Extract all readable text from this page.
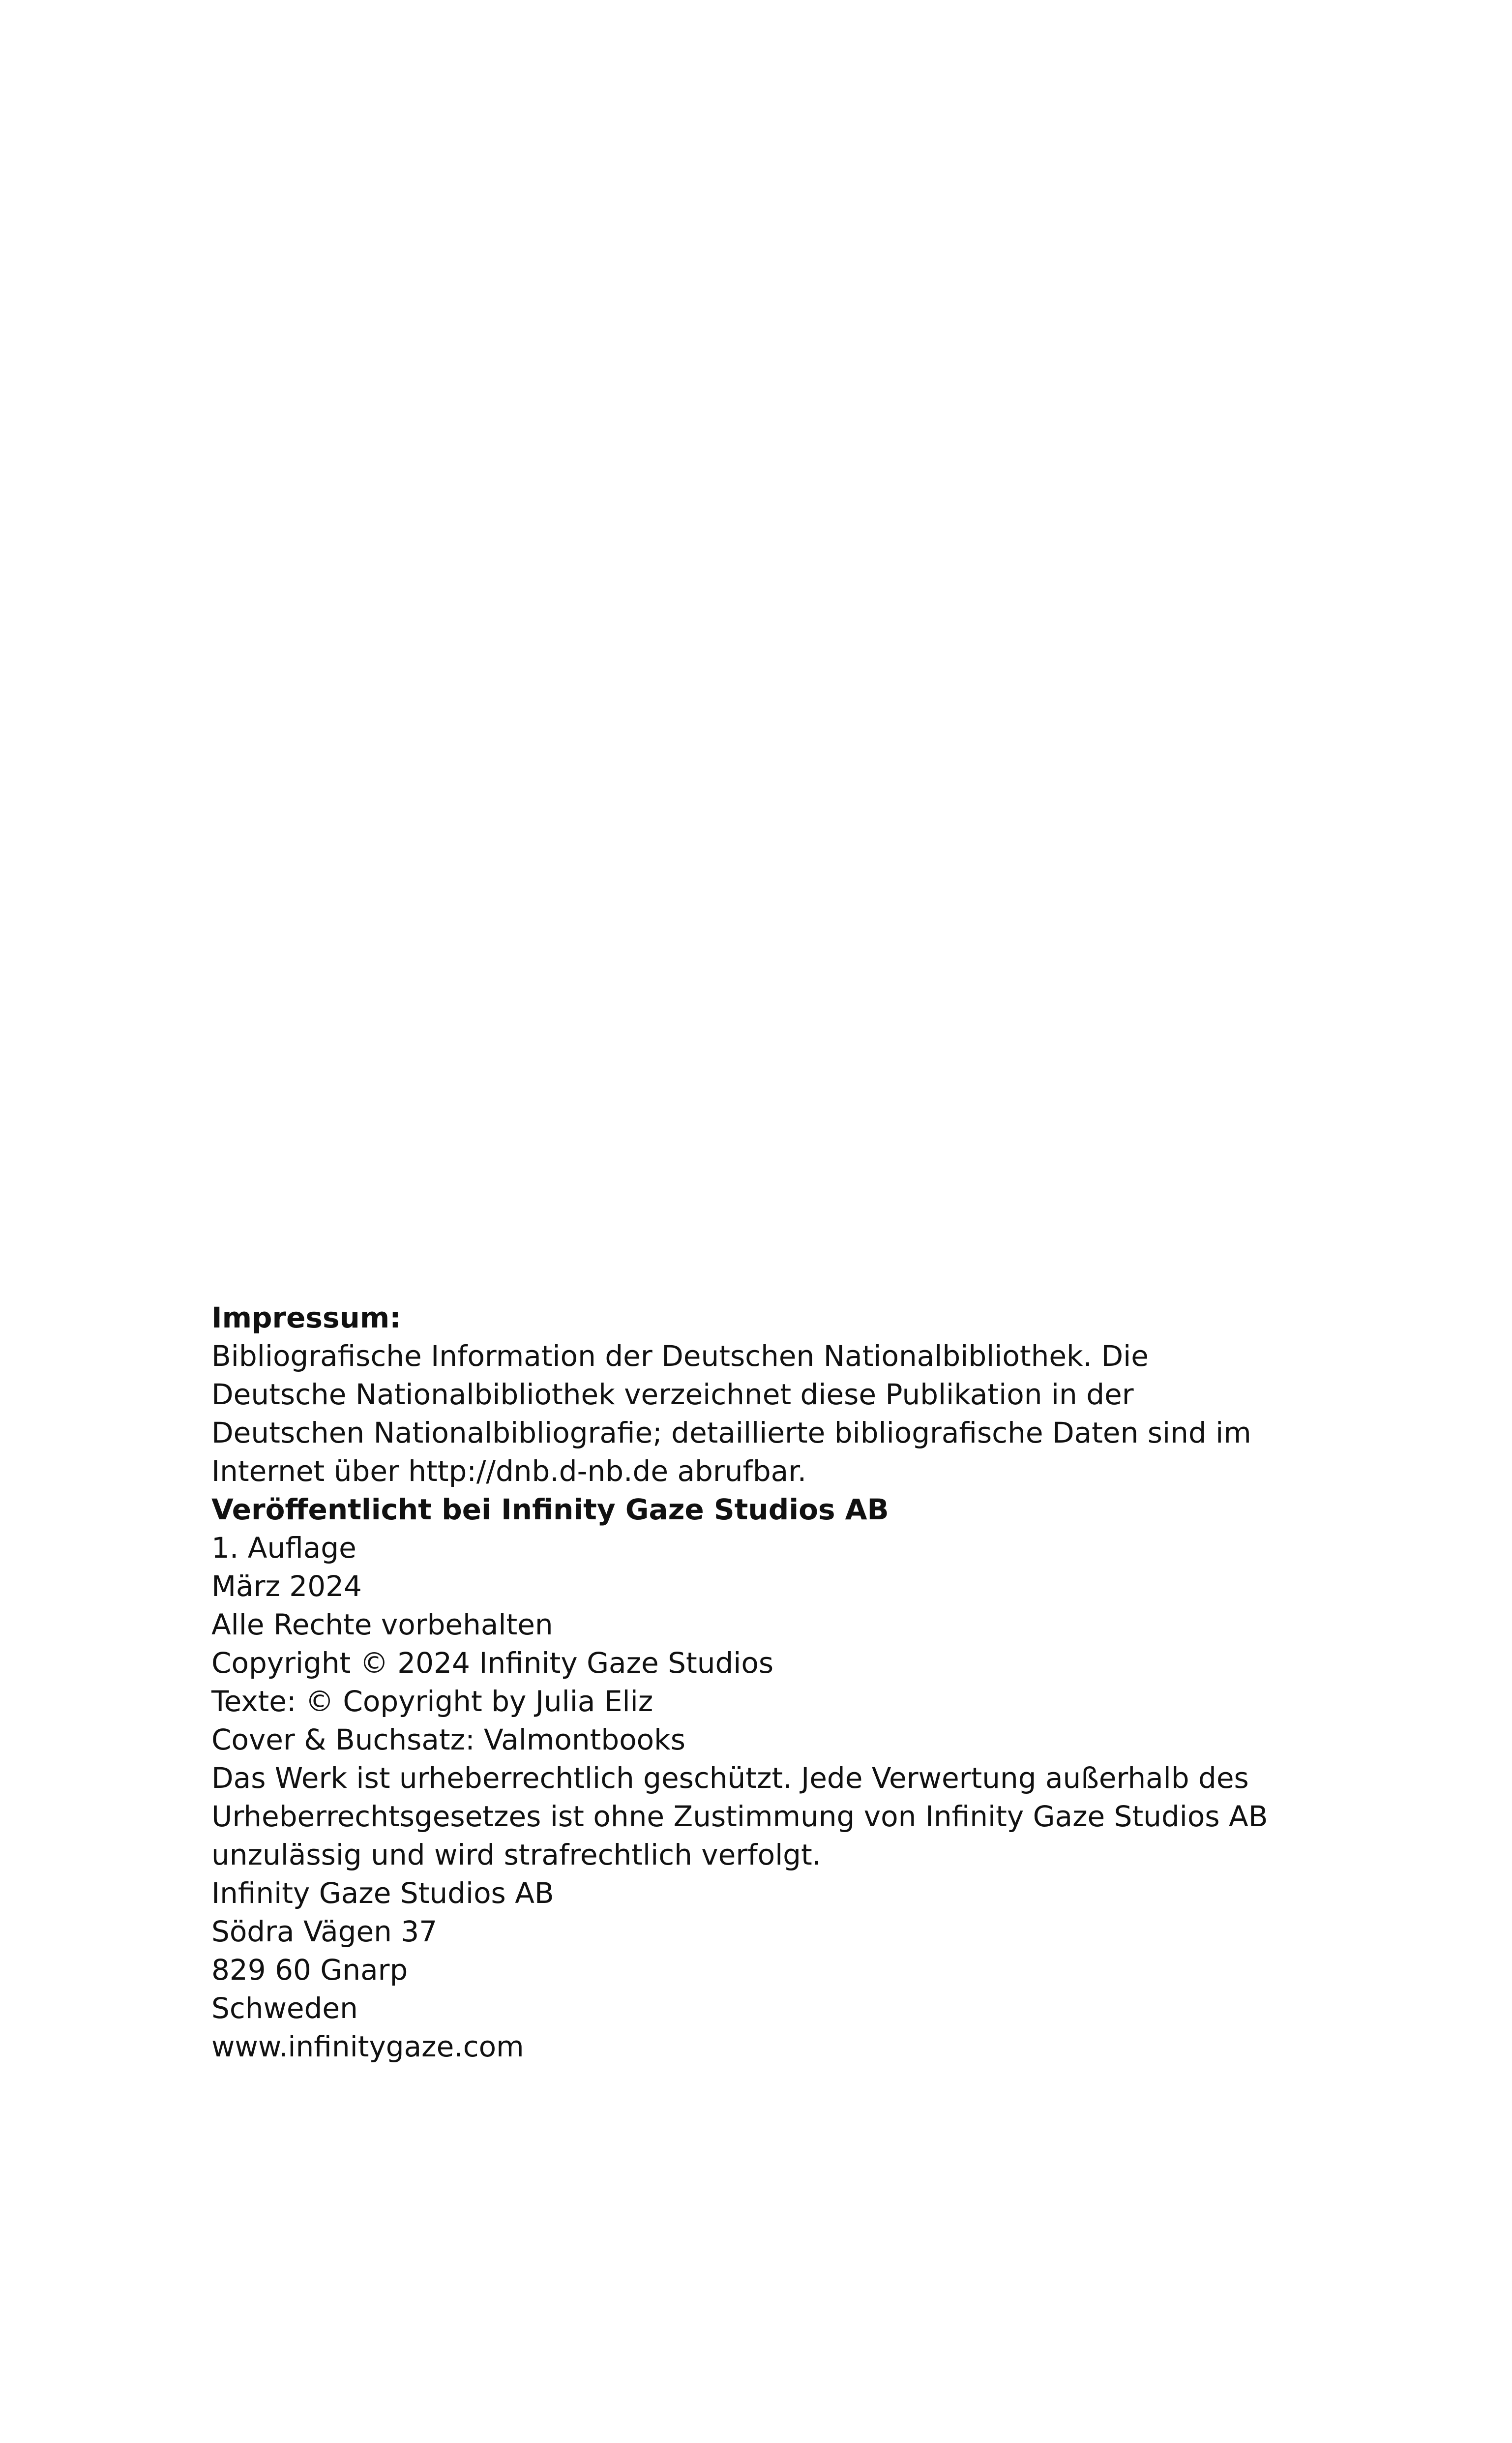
Impressum:
Bibliografische Information der Deutschen Nationalbibliothek. Die
Deutsche Nationalbibliothek verzeichnet diese Publikation in der
Deutschen Nationalbibliografie; detaillierte bibliografische Daten sind im
Internet über http://dnb.d-nb.de abrufbar.
Veröffentlicht bei Infinity Gaze Studios AB
1. Auflage
März 2024
Alle Rechte vorbehalten
Copyright © 2024 Infinity Gaze Studios
Texte: © Copyright by Julia Eliz
Cover & Buchsatz: Valmontbooks
Das Werk ist urheberrechtlich geschützt. Jede Verwertung außerhalb des
Urheberrechtsgesetzes ist ohne Zustimmung von Infinity Gaze Studios AB
unzulässig und wird strafrechtlich verfolgt.
Infinity Gaze Studios AB
Södra Vägen 37
829 60 Gnarp
Schweden
www.infinitygaze.com
